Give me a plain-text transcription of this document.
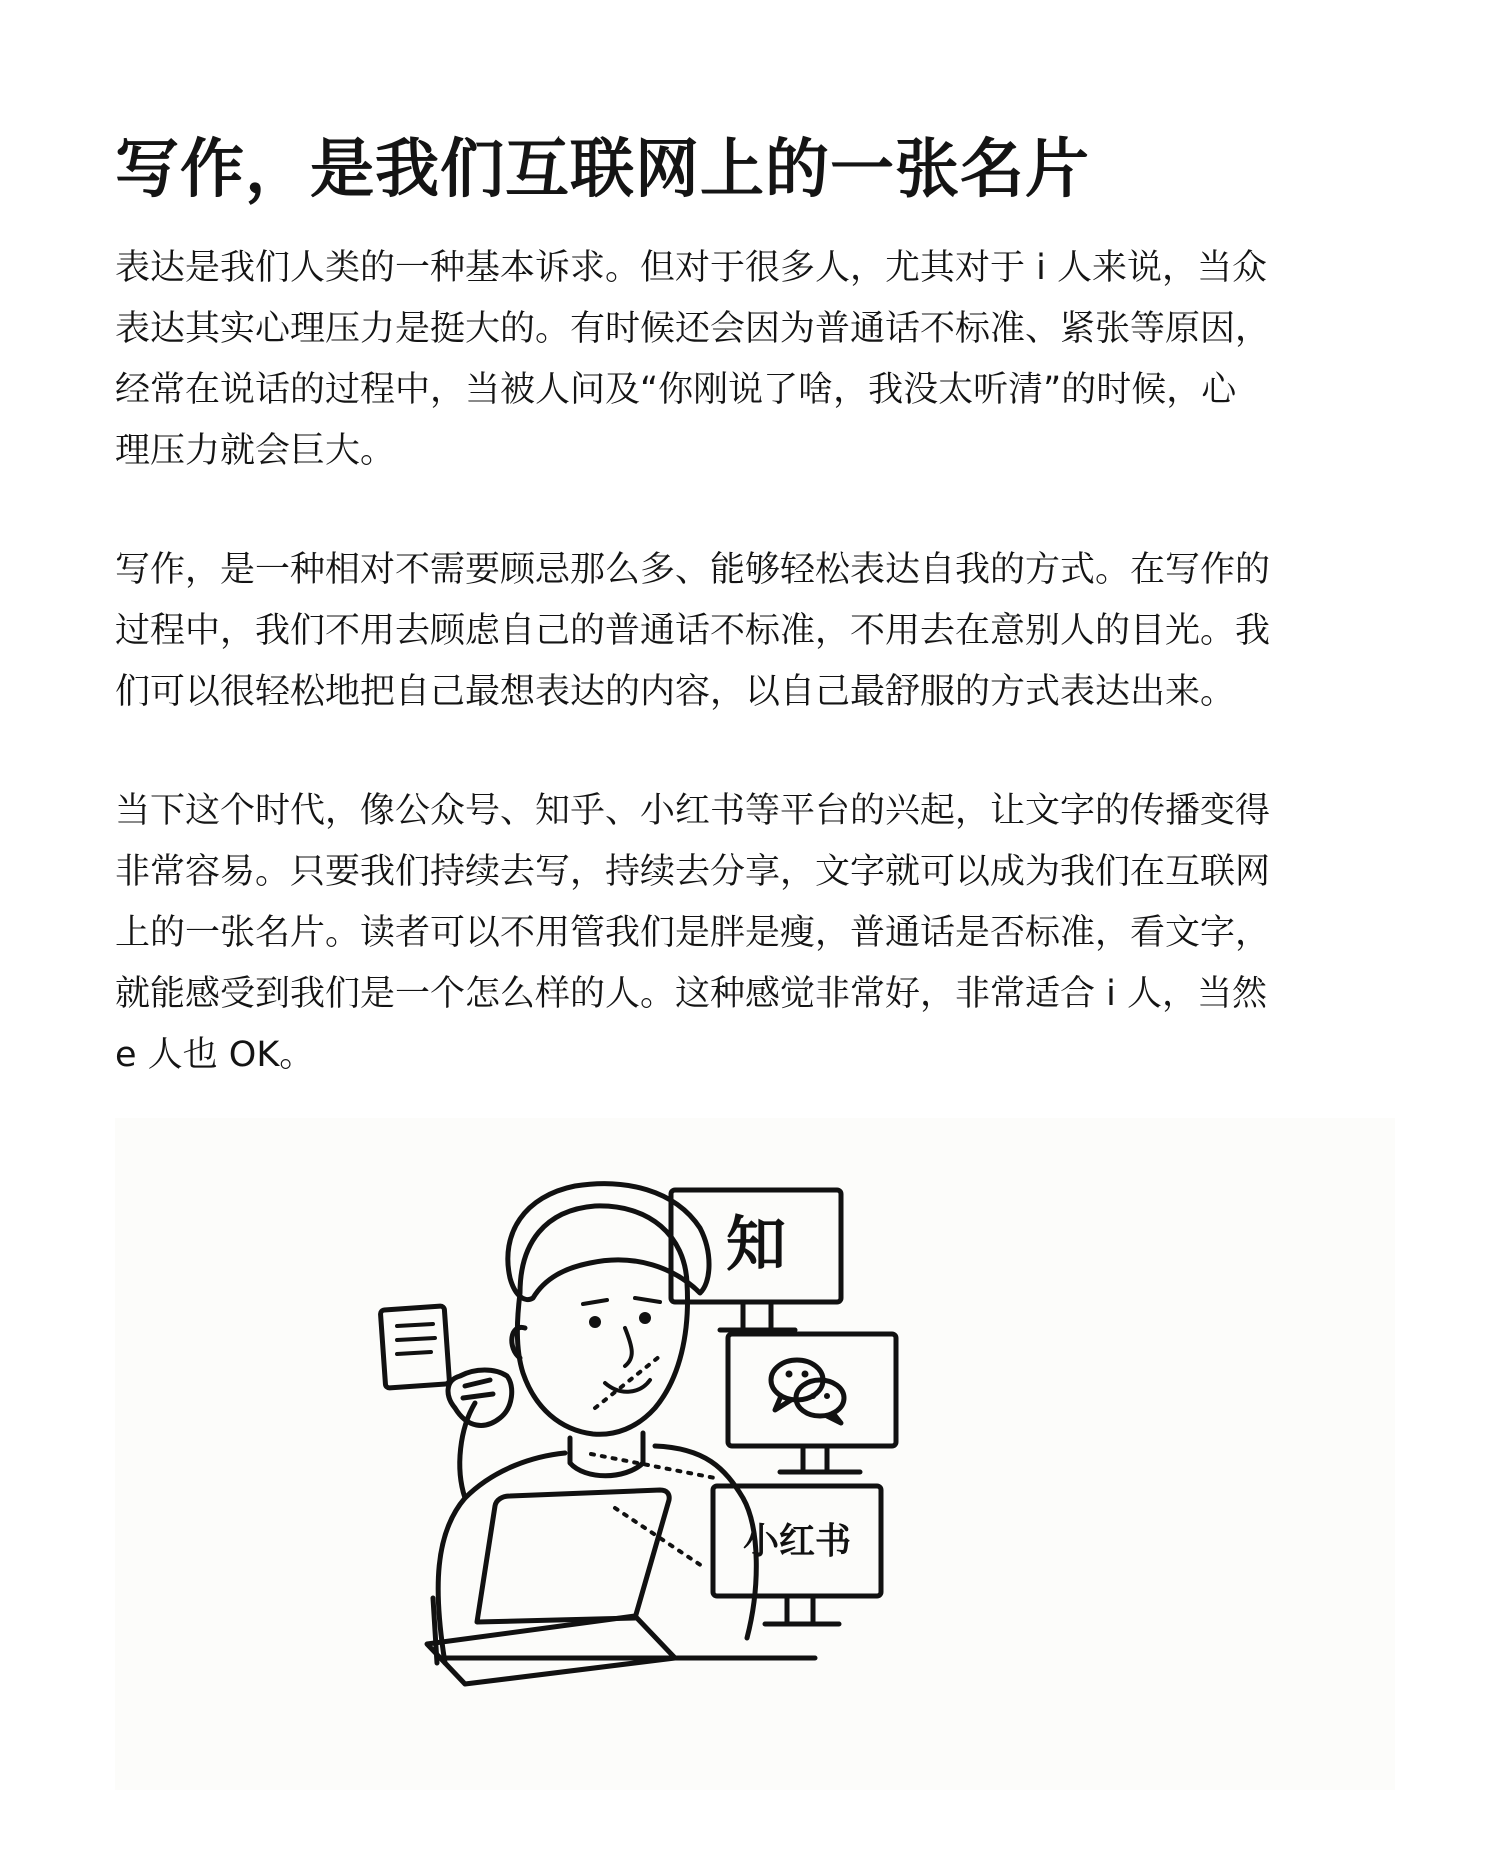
写作，是我们互联网上的一张名片

表达是我们人类的一种基本诉求。但对于很多人，尤其对于 i 人来说，当众
表达其实心理压力是挺大的。有时候还会因为普通话不标准、紧张等原因，
经常在说话的过程中，当被人问及“你刚说了啥，我没太听清”的时候，心
理压力就会巨大。

写作，是一种相对不需要顾忌那么多、能够轻松表达自我的方式。在写作的
过程中，我们不用去顾虑自己的普通话不标准，不用去在意别人的目光。我
们可以很轻松地把自己最想表达的内容，以自己最舒服的方式表达出来。

当下这个时代，像公众号、知乎、小红书等平台的兴起，让文字的传播变得
非常容易。只要我们持续去写，持续去分享，文字就可以成为我们在互联网
上的一张名片。读者可以不用管我们是胖是瘦，普通话是否标准，看文字，
就能感受到我们是一个怎么样的人。这种感觉非常好，非常适合 i 人，当然
e 人也 OK。

知
小红书
